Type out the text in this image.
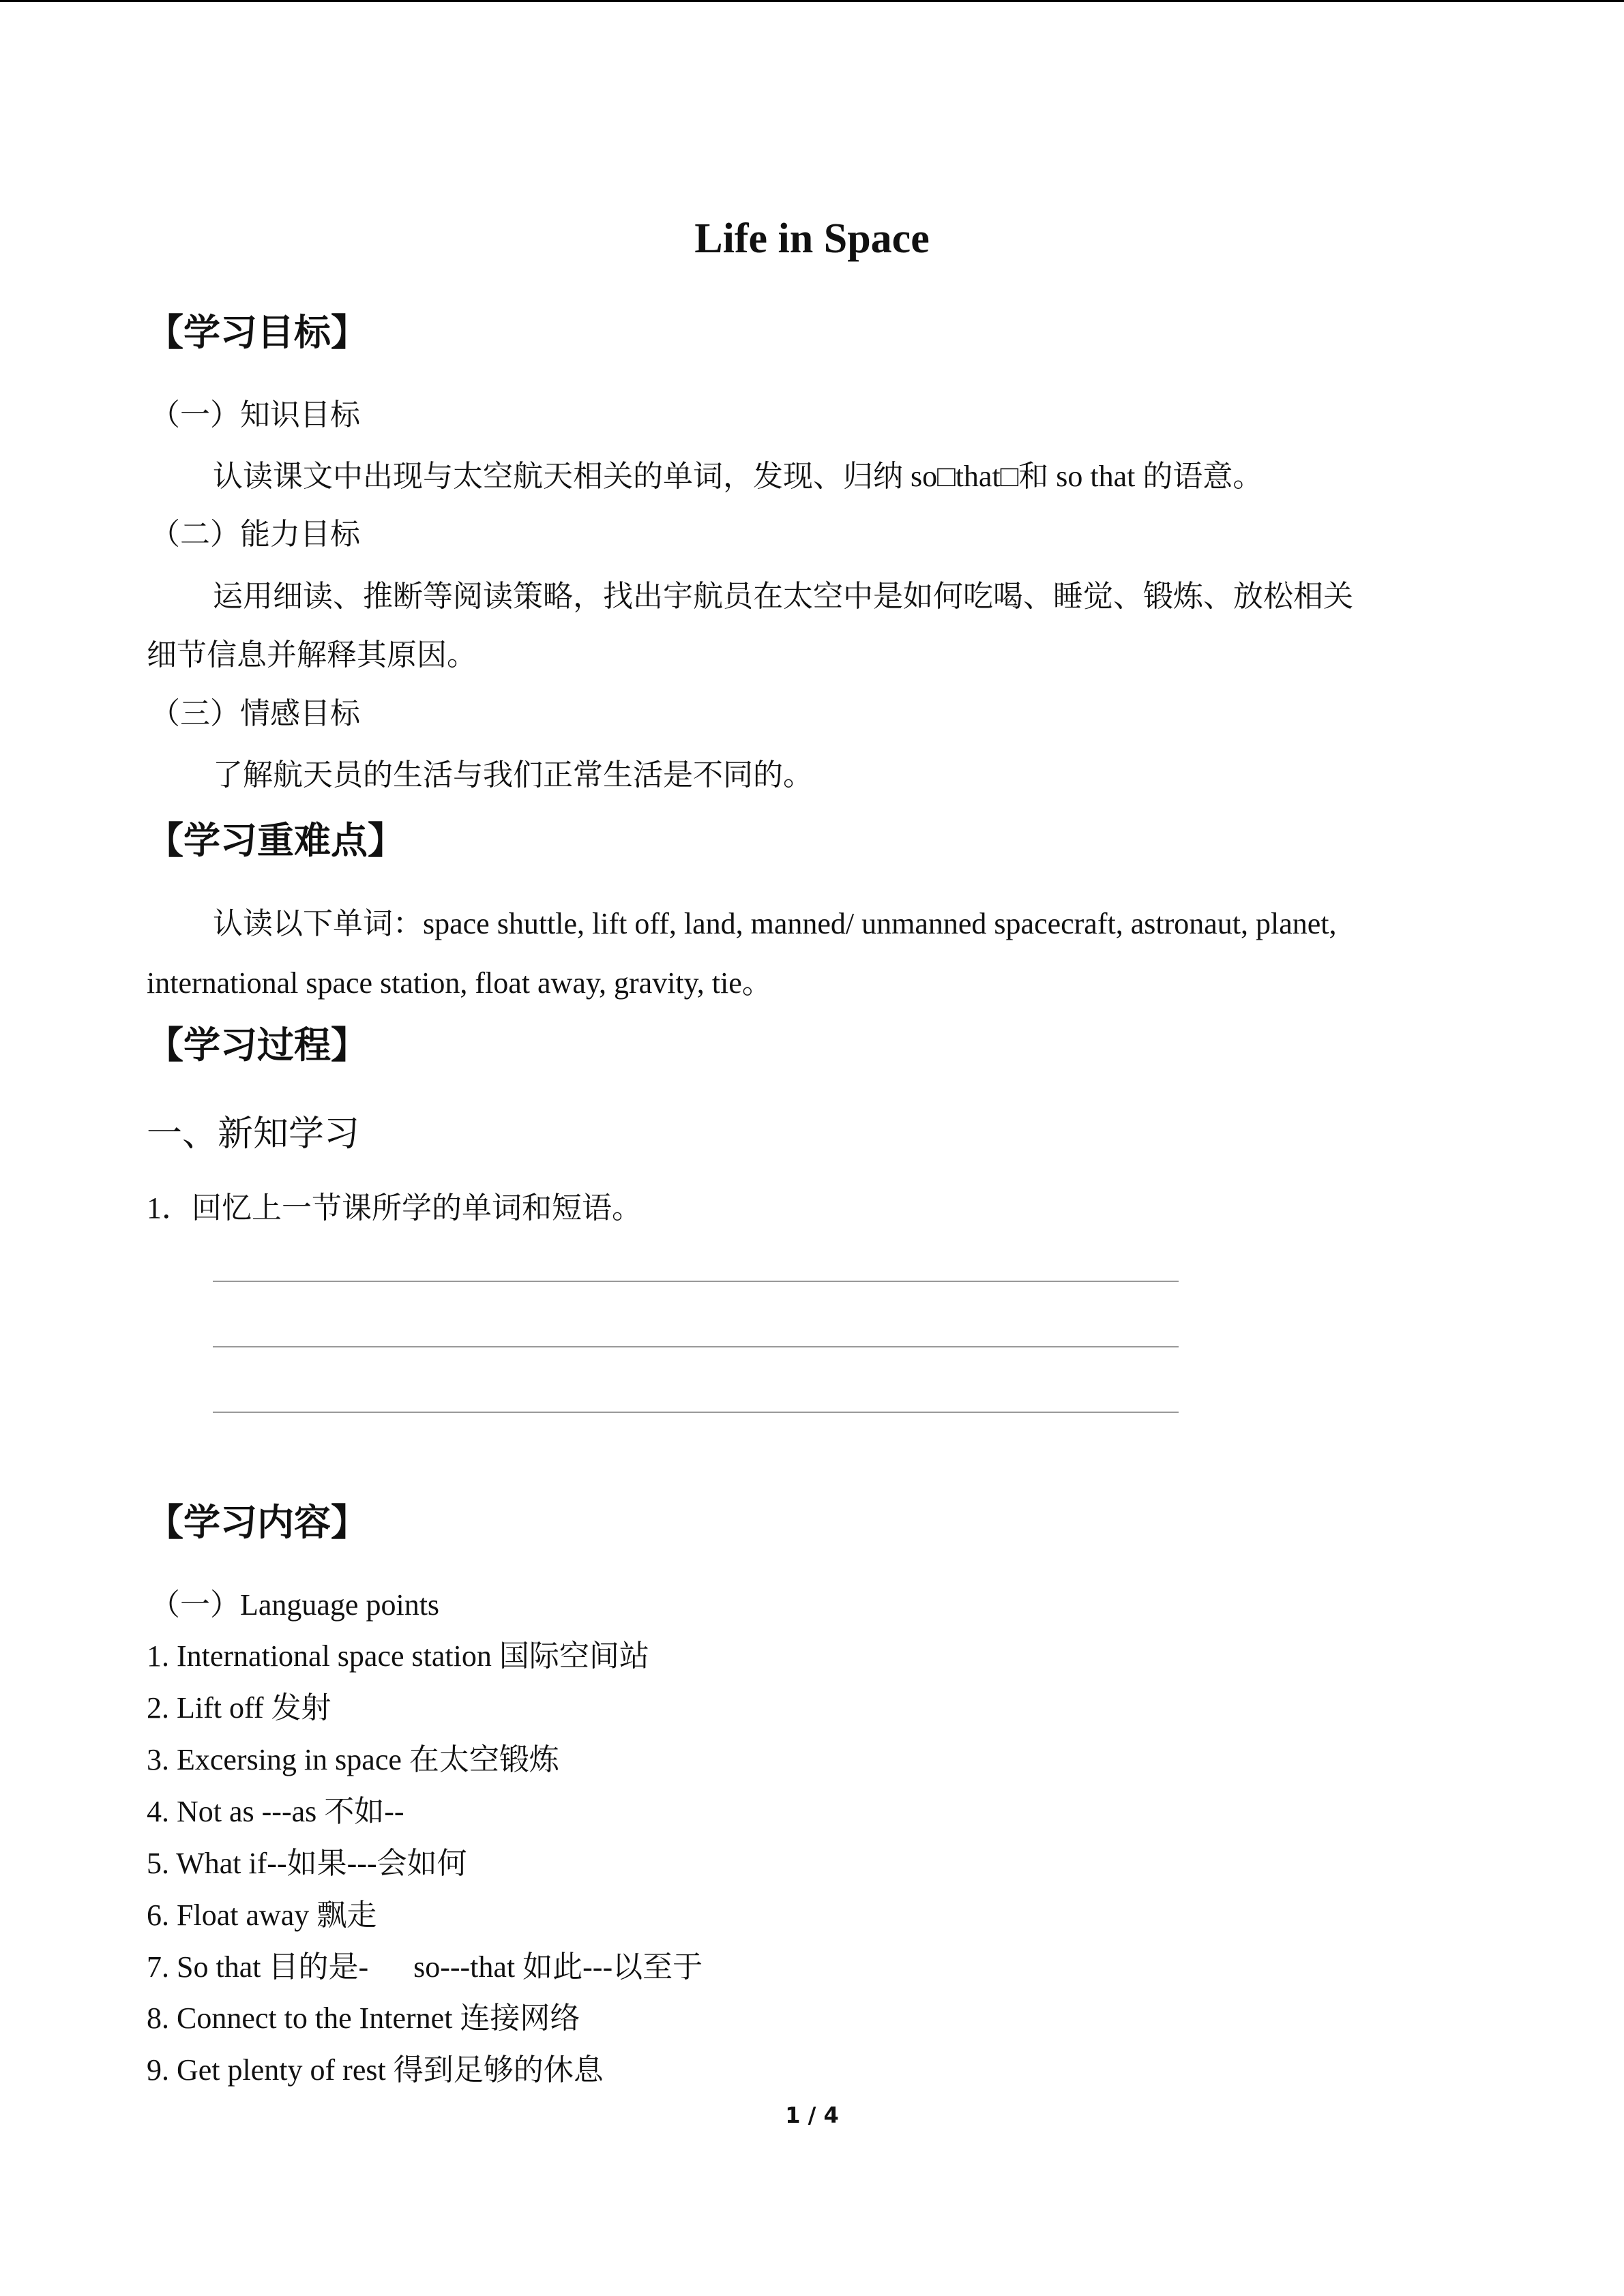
Life in Space
【学习目标】
（一）知识目标
认读课文中出现与太空航天相关的单词，发现、归纳 so□that□和 so that 的语意。
（二）能力目标
运用细读、推断等阅读策略，找出宇航员在太空中是如何吃喝、睡觉、锻炼、放松相关
细节信息并解释其原因。
（三）情感目标
了解航天员的生活与我们正常生活是不同的。
【学习重难点】
认读以下单词：space shuttle, lift off, land, manned/ unmanned spacecraft, astronaut, planet,
international space station, float away, gravity, tie。
【学习过程】
一、新知学习
1．回忆上一节课所学的单词和短语。
【学习内容】
（一）Language points
1. International space station 国际空间站
2. Lift off 发射
3. Excersing in space 在太空锻炼
4. Not as ---as 不如--
5. What if--如果---会如何
6. Float away 飘走
7. So that 目的是-      so---that 如此---以至于
8. Connect to the Internet 连接网络
9. Get plenty of rest 得到足够的休息
1 / 4
